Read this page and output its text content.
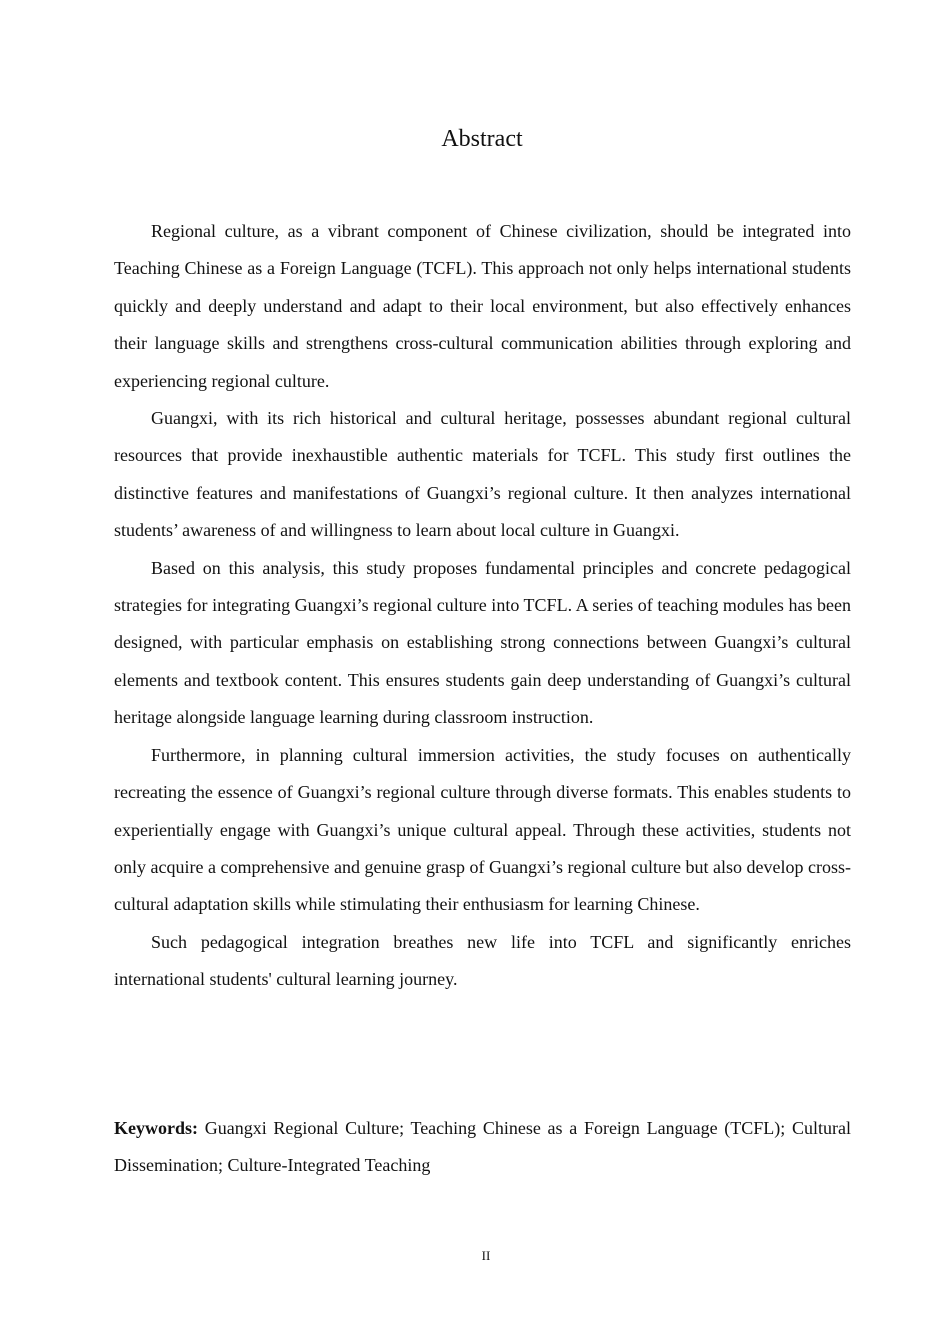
Abstract

Regional culture, as a vibrant component of Chinese civilization, should be integrated into Teaching Chinese as a Foreign Language (TCFL). This approach not only helps international students quickly and deeply understand and adapt to their local environment, but also effectively enhances their language skills and strengthens cross-cultural communication abilities through exploring and experiencing regional culture.

Guangxi, with its rich historical and cultural heritage, possesses abundant regional cultural resources that provide inexhaustible authentic materials for TCFL. This study first outlines the distinctive features and manifestations of Guangxi’s regional culture. It then analyzes international students’ awareness of and willingness to learn about local culture in Guangxi.

Based on this analysis, this study proposes fundamental principles and concrete pedagogical strategies for integrating Guangxi’s regional culture into TCFL. A series of teaching modules has been designed, with particular emphasis on establishing strong connections between Guangxi’s cultural elements and textbook content. This ensures students gain deep understanding of Guangxi’s cultural heritage alongside language learning during classroom instruction.

Furthermore, in planning cultural immersion activities, the study focuses on authentically recreating the essence of Guangxi’s regional culture through diverse formats. This enables students to experientially engage with Guangxi’s unique cultural appeal. Through these activities, students not only acquire a comprehensive and genuine grasp of Guangxi’s regional culture but also develop cross-cultural adaptation skills while stimulating their enthusiasm for learning Chinese.

Such pedagogical integration breathes new life into TCFL and significantly enriches international students' cultural learning journey.

Keywords: Guangxi Regional Culture; Teaching Chinese as a Foreign Language (TCFL); Cultural Dissemination; Culture-Integrated Teaching

II
